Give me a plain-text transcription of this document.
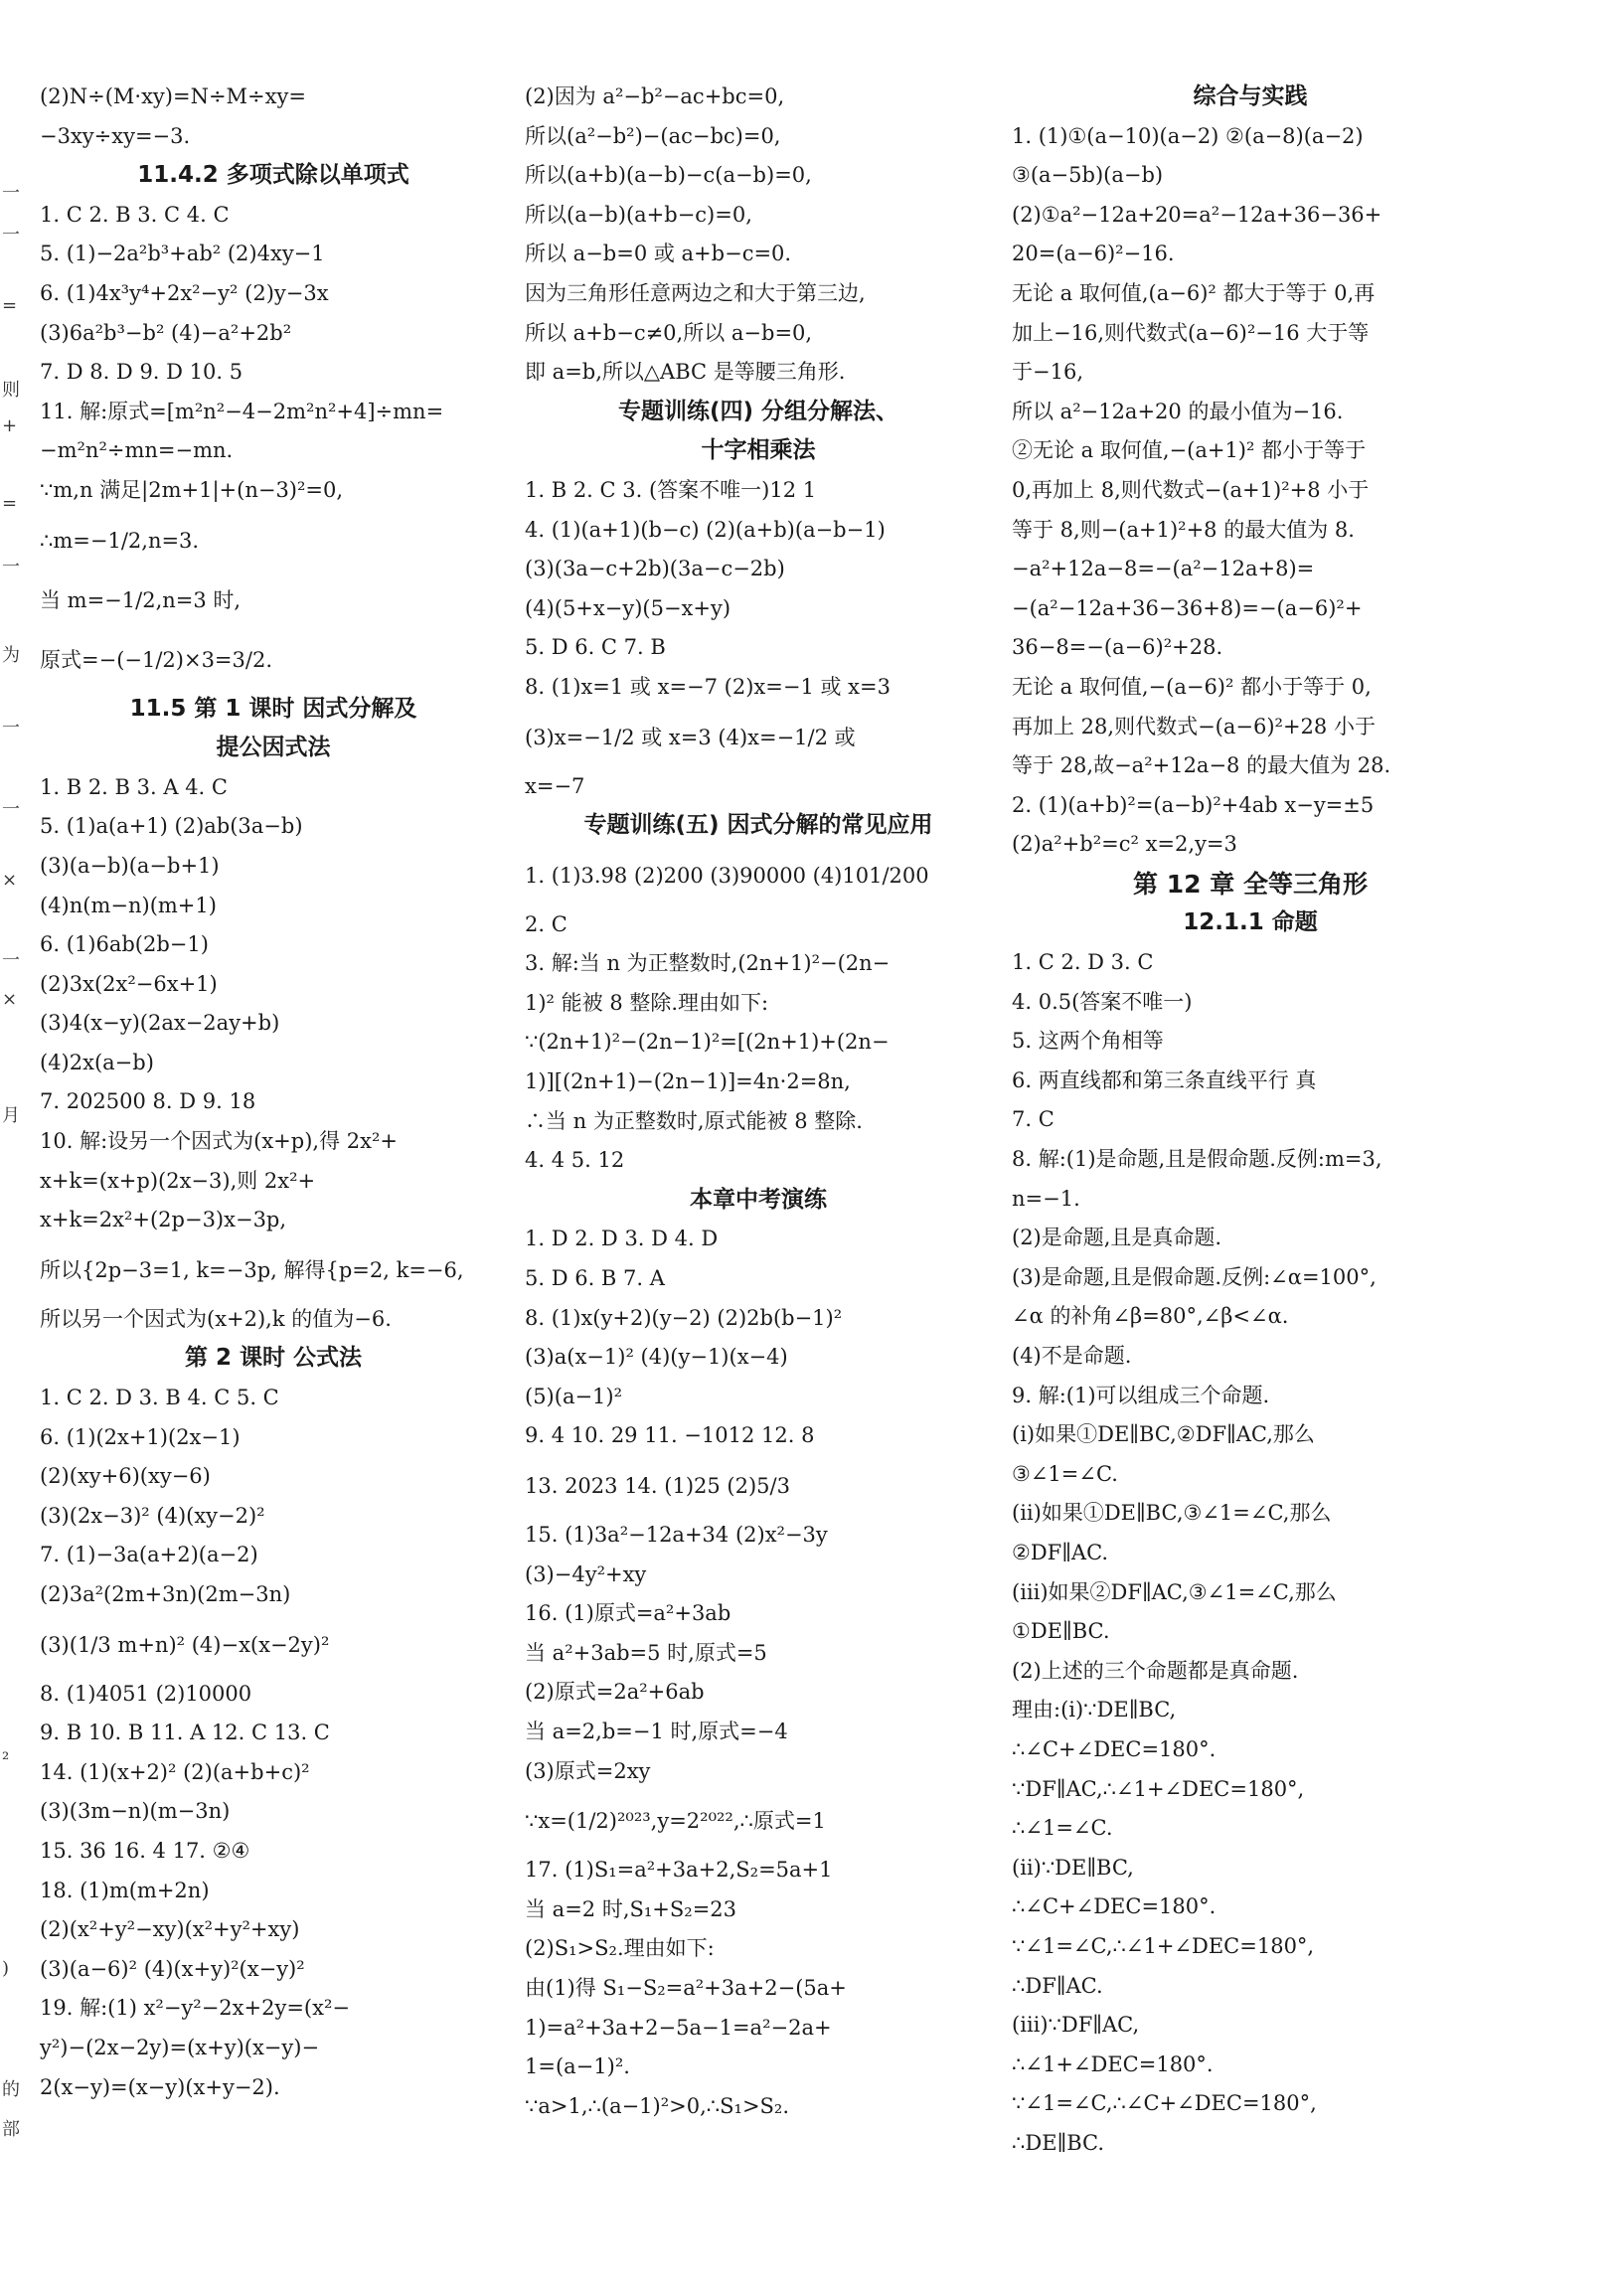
一
一
=
则
+
=
一
为
一
一
×
一
×
月
²
)
的
部
(2)N÷(M·xy)=N÷M÷xy=
−3xy÷xy=−3.
11.4.2 多项式除以单项式
1. C 2. B 3. C 4. C
5. (1)−2a²b³+ab² (2)4xy−1
6. (1)4x³y⁴+2x²−y² (2)y−3x
(3)6a²b³−b² (4)−a²+2b²
7. D 8. D 9. D 10. 5
11. 解:原式=[m²n²−4−2m²n²+4]÷mn=
−m²n²÷mn=−mn.
∵m,n 满足|2m+1|+(n−3)²=0,
∴m=−1/2,n=3.
当 m=−1/2,n=3 时,
原式=−(−1/2)×3=3/2.
11.5 第 1 课时 因式分解及
提公因式法
1. B 2. B 3. A 4. C
5. (1)a(a+1) (2)ab(3a−b)
(3)(a−b)(a−b+1)
(4)n(m−n)(m+1)
6. (1)6ab(2b−1)
(2)3x(2x²−6x+1)
(3)4(x−y)(2ax−2ay+b)
(4)2x(a−b)
7. 202500 8. D 9. 18
10. 解:设另一个因式为(x+p),得 2x²+
x+k=(x+p)(2x−3),则 2x²+
x+k=2x²+(2p−3)x−3p,
所以{2p−3=1, k=−3p, 解得{p=2, k=−6,
所以另一个因式为(x+2),k 的值为−6.
第 2 课时 公式法
1. C 2. D 3. B 4. C 5. C
6. (1)(2x+1)(2x−1)
(2)(xy+6)(xy−6)
(3)(2x−3)² (4)(xy−2)²
7. (1)−3a(a+2)(a−2)
(2)3a²(2m+3n)(2m−3n)
(3)(1/3 m+n)² (4)−x(x−2y)²
8. (1)4051 (2)10000
9. B 10. B 11. A 12. C 13. C
14. (1)(x+2)² (2)(a+b+c)²
(3)(3m−n)(m−3n)
15. 36 16. 4 17. ②④
18. (1)m(m+2n)
(2)(x²+y²−xy)(x²+y²+xy)
(3)(a−6)² (4)(x+y)²(x−y)²
19. 解:(1) x²−y²−2x+2y=(x²−
y²)−(2x−2y)=(x+y)(x−y)−
2(x−y)=(x−y)(x+y−2).
(2)因为 a²−b²−ac+bc=0,
所以(a²−b²)−(ac−bc)=0,
所以(a+b)(a−b)−c(a−b)=0,
所以(a−b)(a+b−c)=0,
所以 a−b=0 或 a+b−c=0.
因为三角形任意两边之和大于第三边,
所以 a+b−c≠0,所以 a−b=0,
即 a=b,所以△ABC 是等腰三角形.
专题训练(四) 分组分解法、
十字相乘法
1. B 2. C 3. (答案不唯一)12 1
4. (1)(a+1)(b−c) (2)(a+b)(a−b−1)
(3)(3a−c+2b)(3a−c−2b)
(4)(5+x−y)(5−x+y)
5. D 6. C 7. B
8. (1)x=1 或 x=−7 (2)x=−1 或 x=3
(3)x=−1/2 或 x=3 (4)x=−1/2 或
x=−7
专题训练(五) 因式分解的常见应用
1. (1)3.98 (2)200 (3)90000 (4)101/200
2. C
3. 解:当 n 为正整数时,(2n+1)²−(2n−
1)² 能被 8 整除.理由如下:
∵(2n+1)²−(2n−1)²=[(2n+1)+(2n−
1)][(2n+1)−(2n−1)]=4n·2=8n,
∴当 n 为正整数时,原式能被 8 整除.
4. 4 5. 12
本章中考演练
1. D 2. D 3. D 4. D
5. D 6. B 7. A
8. (1)x(y+2)(y−2) (2)2b(b−1)²
(3)a(x−1)² (4)(y−1)(x−4)
(5)(a−1)²
9. 4 10. 29 11. −1012 12. 8
13. 2023 14. (1)25 (2)5/3
15. (1)3a²−12a+34 (2)x²−3y
(3)−4y²+xy
16. (1)原式=a²+3ab
当 a²+3ab=5 时,原式=5
(2)原式=2a²+6ab
当 a=2,b=−1 时,原式=−4
(3)原式=2xy
∵x=(1/2)²⁰²³,y=2²⁰²²,∴原式=1
17. (1)S₁=a²+3a+2,S₂=5a+1
当 a=2 时,S₁+S₂=23
(2)S₁>S₂.理由如下:
由(1)得 S₁−S₂=a²+3a+2−(5a+
1)=a²+3a+2−5a−1=a²−2a+
1=(a−1)².
∵a>1,∴(a−1)²>0,∴S₁>S₂.
综合与实践
1. (1)①(a−10)(a−2) ②(a−8)(a−2)
③(a−5b)(a−b)
(2)①a²−12a+20=a²−12a+36−36+
20=(a−6)²−16.
无论 a 取何值,(a−6)² 都大于等于 0,再
加上−16,则代数式(a−6)²−16 大于等
于−16,
所以 a²−12a+20 的最小值为−16.
②无论 a 取何值,−(a+1)² 都小于等于
0,再加上 8,则代数式−(a+1)²+8 小于
等于 8,则−(a+1)²+8 的最大值为 8.
−a²+12a−8=−(a²−12a+8)=
−(a²−12a+36−36+8)=−(a−6)²+
36−8=−(a−6)²+28.
无论 a 取何值,−(a−6)² 都小于等于 0,
再加上 28,则代数式−(a−6)²+28 小于
等于 28,故−a²+12a−8 的最大值为 28.
2. (1)(a+b)²=(a−b)²+4ab x−y=±5
(2)a²+b²=c² x=2,y=3
第 12 章 全等三角形
12.1.1 命题
1. C 2. D 3. C
4. 0.5(答案不唯一)
5. 这两个角相等
6. 两直线都和第三条直线平行 真
7. C
8. 解:(1)是命题,且是假命题.反例:m=3,
n=−1.
(2)是命题,且是真命题.
(3)是命题,且是假命题.反例:∠α=100°,
∠α 的补角∠β=80°,∠β<∠α.
(4)不是命题.
9. 解:(1)可以组成三个命题.
(ⅰ)如果①DE∥BC,②DF∥AC,那么
③∠1=∠C.
(ⅱ)如果①DE∥BC,③∠1=∠C,那么
②DF∥AC.
(ⅲ)如果②DF∥AC,③∠1=∠C,那么
①DE∥BC.
(2)上述的三个命题都是真命题.
理由:(ⅰ)∵DE∥BC,
∴∠C+∠DEC=180°.
∵DF∥AC,∴∠1+∠DEC=180°,
∴∠1=∠C.
(ⅱ)∵DE∥BC,
∴∠C+∠DEC=180°.
∵∠1=∠C,∴∠1+∠DEC=180°,
∴DF∥AC.
(ⅲ)∵DF∥AC,
∴∠1+∠DEC=180°.
∵∠1=∠C,∴∠C+∠DEC=180°,
∴DE∥BC.
